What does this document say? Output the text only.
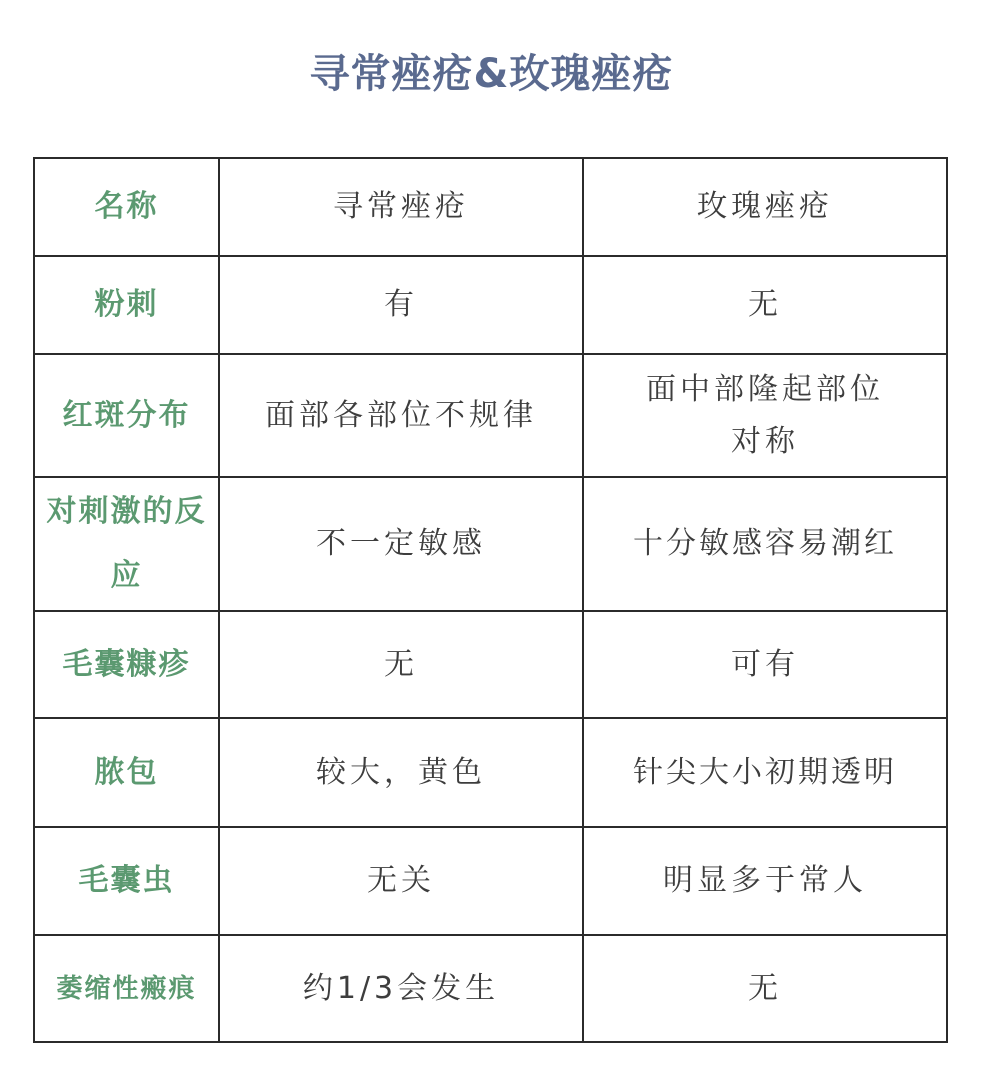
寻常痤疮&玫瑰痤疮
名称	寻常痤疮	玫瑰痤疮
粉刺	有	无
红斑分布	面部各部位不规律	面中部隆起部位对称
对刺激的反应	不一定敏感	十分敏感容易潮红
毛囊糠疹	无	可有
脓包	较大，黄色	针尖大小初期透明
毛囊虫	无关	明显多于常人
萎缩性瘢痕	约1/3会发生	无
